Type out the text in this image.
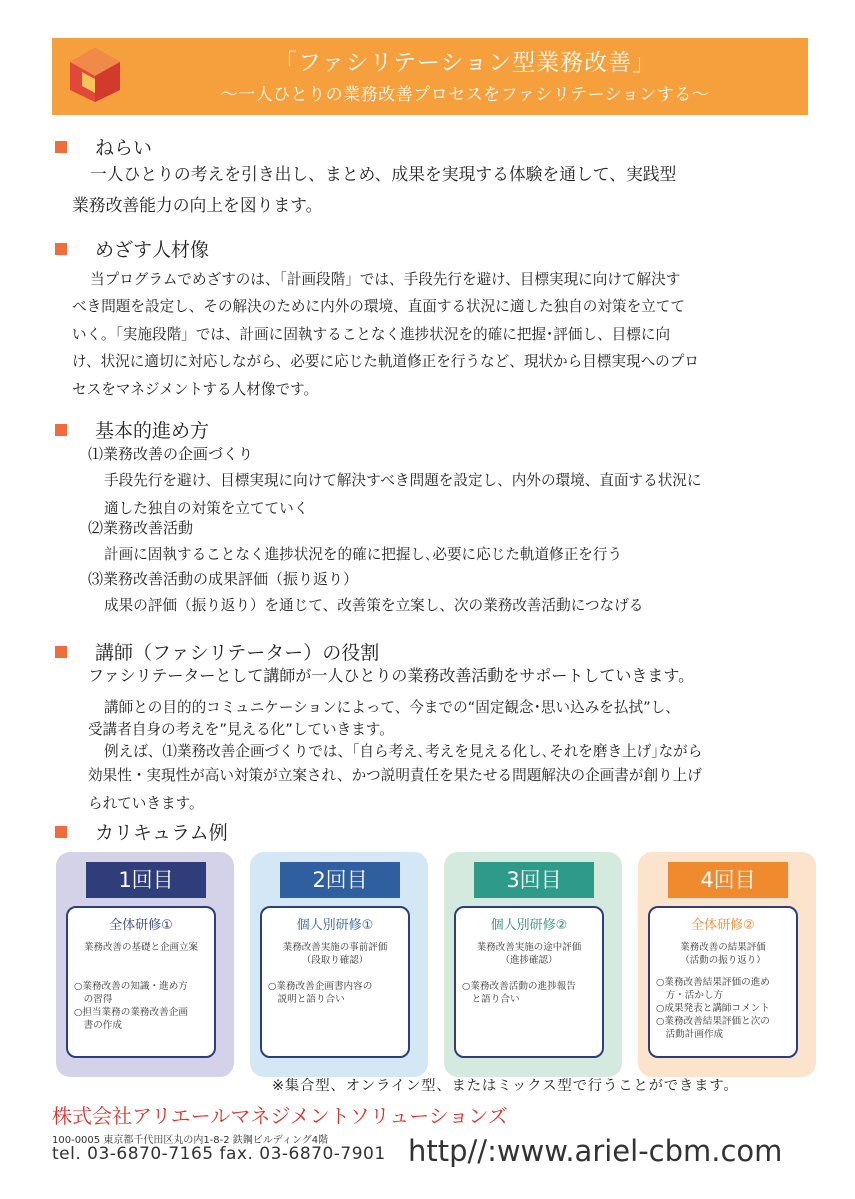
「ファシリテーション型業務改善」
〜一人ひとりの業務改善プロセスをファシリテーションする〜
ねらい
一人ひとりの考えを引き出し、まとめ、成果を実現する体験を通して、実践型
業務改善能力の向上を図ります。
めざす人材像
当プログラムでめざすのは、「計画段階」では、手段先行を避け、目標実現に向けて解決す
べき問題を設定し、その解決のために内外の環境、直面する状況に適した独自の対策を立てて
いく。「実施段階」では、計画に固執することなく進捗状況を的確に把握･評価し、目標に向
け、状況に適切に対応しながら、必要に応じた軌道修正を行うなど、現状から目標実現へのプロ
セスをマネジメントする人材像です。
基本的進め方
⑴業務改善の企画づくり
手段先行を避け、目標実現に向けて解決すべき問題を設定し、内外の環境、直面する状況に
適した独自の対策を立てていく
⑵業務改善活動
計画に固執することなく進捗状況を的確に把握し､必要に応じた軌道修正を行う
⑶業務改善活動の成果評価（振り返り）
成果の評価（振り返り）を通じて、改善策を立案し、次の業務改善活動につなげる
講師（ファシリテーター）の役割
ファシリテーターとして講師が一人ひとりの業務改善活動をサポートしていきます。
講師との目的的コミュニケーションによって、今までの“固定観念･思い込みを払拭”し、
受講者自身の考えを”見える化”していきます。
例えば、⑴業務改善企画づくりでは、｢自ら考え､考えを見える化し､それを磨き上げ｣ながら
効果性・実現性が高い対策が立案され、かつ説明責任を果たせる問題解決の企画書が創り上げ
られていきます。
カリキュラム例
1回目
全体研修①
業務改善の基礎と企画立案
○業務改善の知識・進め方
　の習得
○担当業務の業務改善企画
　書の作成
2回目
個人別研修①
業務改善実施の事前評価
（段取り確認）
○業務改善企画書内容の
　説明と語り合い
3回目
個人別研修②
業務改善実施の途中評価
（進捗確認）
○業務改善活動の進捗報告
　と語り合い
4回目
全体研修②
業務改善の結果評価
（活動の振り返り）
○業務改善結果評価の進め
　方・活かし方
○成果発表と講師コメント
○業務改善結果評価と次の
　活動計画作成
※集合型、オンライン型、またはミックス型で行うことができます。
株式会社アリエールマネジメントソリューションズ
100-0005 東京都千代田区丸の内1-8-2 鉄鋼ビルディング4階
tel. 03-6870-7165 fax. 03-6870-7901 http//:www.ariel-cbm.com
